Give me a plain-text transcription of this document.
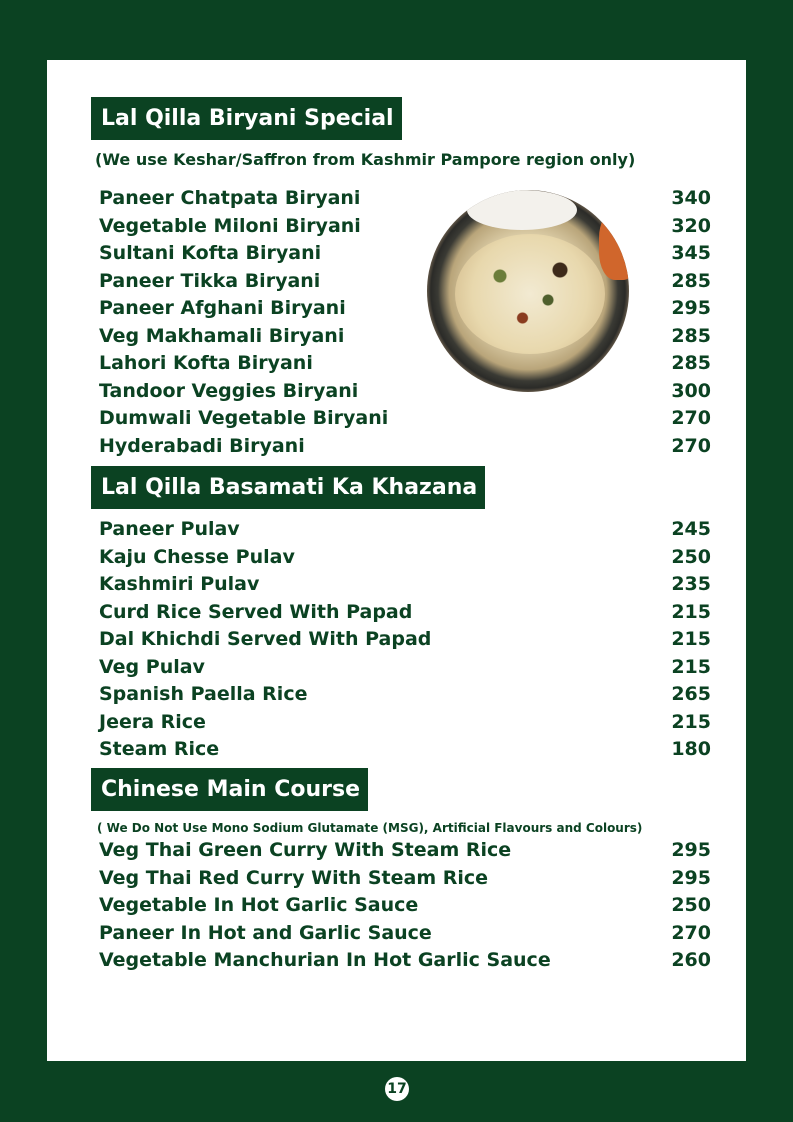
Lal Qilla Biryani Special
(We use Keshar/Saffron from Kashmir Pampore region only)
Paneer Chatpata Biryani	340
Vegetable Miloni Biryani	320
Sultani Kofta Biryani	345
Paneer Tikka Biryani	285
Paneer Afghani Biryani	295
Veg Makhamali Biryani	285
Lahori Kofta Biryani	285
Tandoor Veggies Biryani	300
Dumwali Vegetable Biryani	270
Hyderabadi Biryani	270
Lal Qilla Basamati Ka Khazana
Paneer Pulav	245
Kaju Chesse Pulav	250
Kashmiri Pulav	235
Curd Rice Served With Papad	215
Dal Khichdi Served With Papad	215
Veg Pulav	215
Spanish Paella Rice	265
Jeera Rice	215
Steam Rice	180
Chinese Main Course
( We Do Not Use Mono Sodium Glutamate (MSG), Artificial Flavours and Colours)
Veg Thai Green Curry With Steam Rice	295
Veg Thai Red Curry With Steam Rice	295
Vegetable In Hot Garlic Sauce	250
Paneer In Hot and Garlic Sauce	270
Vegetable Manchurian In Hot Garlic Sauce	260
17
